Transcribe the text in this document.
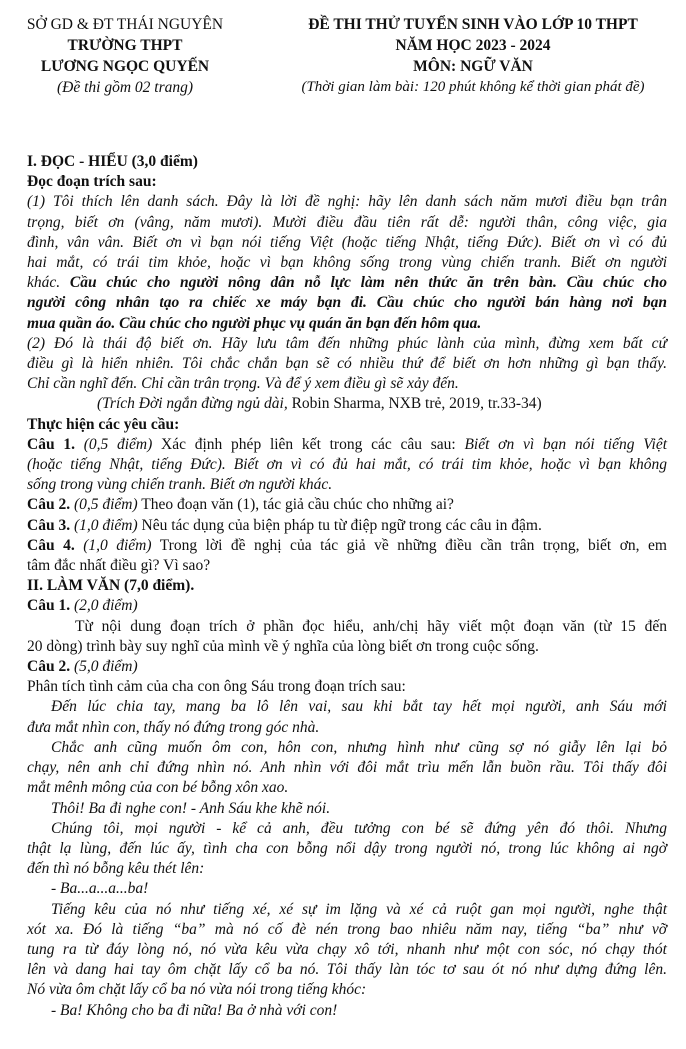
SỞ GD & ĐT THÁI NGUYÊN
TRƯỜNG THPT
LƯƠNG NGỌC QUYẾN
(Đề thi gồm 02 trang)
ĐỀ THI THỬ TUYỂN SINH VÀO LỚP 10 THPT
NĂM HỌC 2023 - 2024
MÔN: NGỮ VĂN
(Thời gian làm bài: 120 phút không kể thời gian phát đề)
I. ĐỌC - HIỂU (3,0 điểm)
Đọc đoạn trích sau:
(1) Tôi thích lên danh sách. Đây là lời đề nghị: hãy lên danh sách năm mươi điều bạn trân
trọng, biết ơn (vâng, năm mươi). Mười điều đầu tiên rất dễ: người thân, công việc, gia
đình, vân vân. Biết ơn vì bạn nói tiếng Việt (hoặc tiếng Nhật, tiếng Đức). Biết ơn vì có đủ
hai mắt, có trái tim khỏe, hoặc vì bạn không sống trong vùng chiến tranh. Biết ơn người
khác. Cầu chúc cho người nông dân nỗ lực làm nên thức ăn trên bàn. Cầu chúc cho
người công nhân tạo ra chiếc xe máy bạn đi. Cầu chúc cho người bán hàng nơi bạn
mua quần áo. Cầu chúc cho người phục vụ quán ăn bạn đến hôm qua.
(2) Đó là thái độ biết ơn. Hãy lưu tâm đến những phúc lành của mình, đừng xem bất cứ
điều gì là hiển nhiên. Tôi chắc chắn bạn sẽ có nhiều thứ để biết ơn hơn những gì bạn thấy.
Chỉ cần nghĩ đến. Chỉ cần trân trọng. Và để ý xem điều gì sẽ xảy đến.
(Trích Đời ngắn đừng ngủ dài, Robin Sharma, NXB trẻ, 2019, tr.33-34)
Thực hiện các yêu cầu:
Câu 1. (0,5 điểm) Xác định phép liên kết trong các câu sau: Biết ơn vì bạn nói tiếng Việt
(hoặc tiếng Nhật, tiếng Đức). Biết ơn vì có đủ hai mắt, có trái tim khỏe, hoặc vì bạn không
sống trong vùng chiến tranh. Biết ơn người khác.
Câu 2. (0,5 điểm) Theo đoạn văn (1), tác giả cầu chúc cho những ai?
Câu 3. (1,0 điểm) Nêu tác dụng của biện pháp tu từ điệp ngữ trong các câu in đậm.
Câu 4. (1,0 điểm) Trong lời đề nghị của tác giả về những điều cần trân trọng, biết ơn, em
tâm đắc nhất điều gì? Vì sao?
II. LÀM VĂN (7,0 điểm).
Câu 1. (2,0 điểm)
Từ nội dung đoạn trích ở phần đọc hiểu, anh/chị hãy viết một đoạn văn (từ 15 đến
20 dòng) trình bày suy nghĩ của mình về ý nghĩa của lòng biết ơn trong cuộc sống.
Câu 2. (5,0 điểm)
Phân tích tình cảm của cha con ông Sáu trong đoạn trích sau:
Đến lúc chia tay, mang ba lô lên vai, sau khi bắt tay hết mọi người, anh Sáu mới
đưa mắt nhìn con, thấy nó đứng trong góc nhà.
Chắc anh cũng muốn ôm con, hôn con, nhưng hình như cũng sợ nó giẫy lên lại bỏ
chạy, nên anh chỉ đứng nhìn nó. Anh nhìn với đôi mắt trìu mến lẫn buồn rầu. Tôi thấy đôi
mắt mênh mông của con bé bỗng xôn xao.
Thôi! Ba đi nghe con! - Anh Sáu khe khẽ nói.
Chúng tôi, mọi người - kể cả anh, đều tưởng con bé sẽ đứng yên đó thôi. Nhưng
thật lạ lùng, đến lúc ấy, tình cha con bỗng nổi dậy trong người nó, trong lúc không ai ngờ
đến thì nó bỗng kêu thét lên:
- Ba...a...a...ba!
Tiếng kêu của nó như tiếng xé, xé sự im lặng và xé cả ruột gan mọi người, nghe thật
xót xa. Đó là tiếng “ba” mà nó cố đè nén trong bao nhiêu năm nay, tiếng “ba” như vỡ
tung ra từ đáy lòng nó, nó vừa kêu vừa chạy xô tới, nhanh như một con sóc, nó chạy thót
lên và dang hai tay ôm chặt lấy cổ ba nó. Tôi thấy làn tóc tơ sau ót nó như dựng đứng lên.
Nó vừa ôm chặt lấy cổ ba nó vừa nói trong tiếng khóc:
- Ba! Không cho ba đi nữa! Ba ở nhà với con!
